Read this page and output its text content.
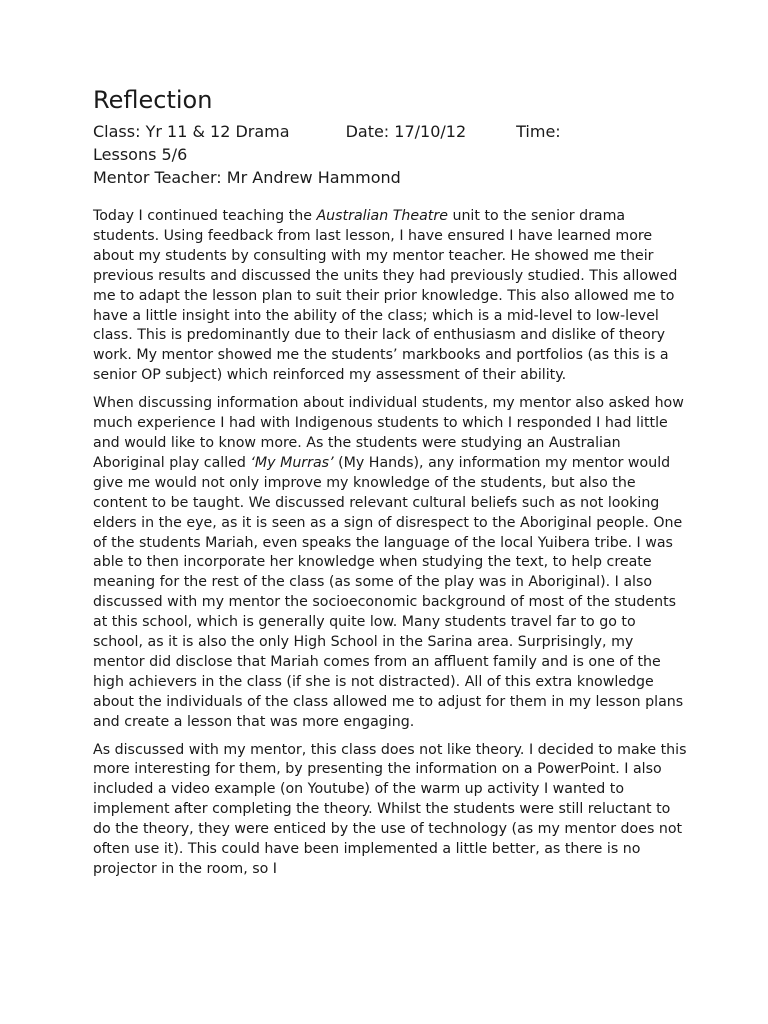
Reflection
Class: Yr 11 & 12 Drama	Date: 17/10/12	Time:
Lessons 5/6
Mentor Teacher: Mr Andrew Hammond

Today I continued teaching the Australian Theatre unit to the senior drama students. Using feedback from last lesson, I have ensured I have learned more about my students by consulting with my mentor teacher. He showed me their previous results and discussed the units they had previously studied. This allowed me to adapt the lesson plan to suit their prior knowledge. This also allowed me to have a little insight into the ability of the class; which is a mid-level to low-level class. This is predominantly due to their lack of enthusiasm and dislike of theory work. My mentor showed me the students’ markbooks and portfolios (as this is a senior OP subject) which reinforced my assessment of their ability.

When discussing information about individual students, my mentor also asked how much experience I had with Indigenous students to which I responded I had little and would like to know more. As the students were studying an Australian Aboriginal play called ‘My Murras’ (My Hands), any information my mentor would give me would not only improve my knowledge of the students, but also the content to be taught. We discussed relevant cultural beliefs such as not looking elders in the eye, as it is seen as a sign of disrespect to the Aboriginal people. One of the students Mariah, even speaks the language of the local Yuibera tribe. I was able to then incorporate her knowledge when studying the text, to help create meaning for the rest of the class (as some of the play was in Aboriginal). I also discussed with my mentor the socioeconomic background of most of the students at this school, which is generally quite low. Many students travel far to go to school, as it is also the only High School in the Sarina area. Surprisingly, my mentor did disclose that Mariah comes from an affluent family and is one of the high achievers in the class (if she is not distracted). All of this extra knowledge about the individuals of the class allowed me to adjust for them in my lesson plans and create a lesson that was more engaging.

As discussed with my mentor, this class does not like theory. I decided to make this more interesting for them, by presenting the information on a PowerPoint. I also included a video example (on Youtube) of the warm up activity I wanted to implement after completing the theory. Whilst the students were still reluctant to do the theory, they were enticed by the use of technology (as my mentor does not often use it). This could have been implemented a little better, as there is no projector in the room, so I
